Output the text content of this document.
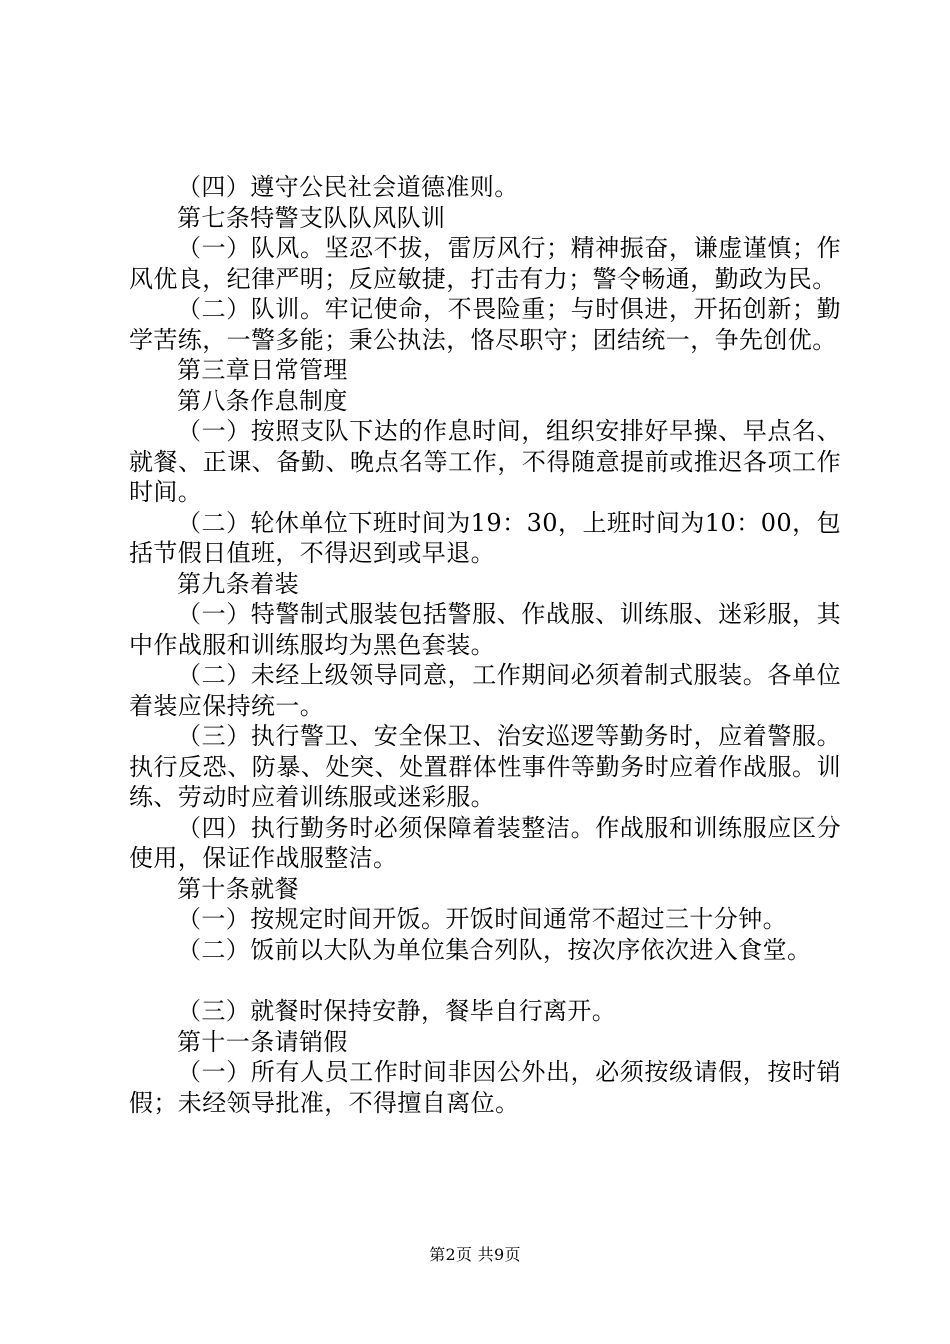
（四）遵守公民社会道德准则。

第七条特警支队队风队训

（一）队风。坚忍不拔，雷厉风行；精神振奋，谦虚谨慎；作风优良，纪律严明；反应敏捷，打击有力；警令畅通，勤政为民。

（二）队训。牢记使命，不畏险重；与时俱进，开拓创新；勤学苦练，一警多能；秉公执法，恪尽职守；团结统一，争先创优。

第三章日常管理

第八条作息制度

（一）按照支队下达的作息时间，组织安排好早操、早点名、就餐、正课、备勤、晚点名等工作，不得随意提前或推迟各项工作时间。

（二）轮休单位下班时间为19：30，上班时间为10：00，包括节假日值班，不得迟到或早退。

第九条着装

（一）特警制式服装包括警服、作战服、训练服、迷彩服，其中作战服和训练服均为黑色套装。

（二）未经上级领导同意，工作期间必须着制式服装。各单位着装应保持统一。

（三）执行警卫、安全保卫、治安巡逻等勤务时，应着警服。执行反恐、防暴、处突、处置群体性事件等勤务时应着作战服。训练、劳动时应着训练服或迷彩服。

（四）执行勤务时必须保障着装整洁。作战服和训练服应区分使用，保证作战服整洁。

第十条就餐

（一）按规定时间开饭。开饭时间通常不超过三十分钟。

（二）饭前以大队为单位集合列队，按次序依次进入食堂。

（三）就餐时保持安静，餐毕自行离开。

第十一条请销假

（一）所有人员工作时间非因公外出，必须按级请假，按时销假；未经领导批准，不得擅自离位。

第2页 共9页
